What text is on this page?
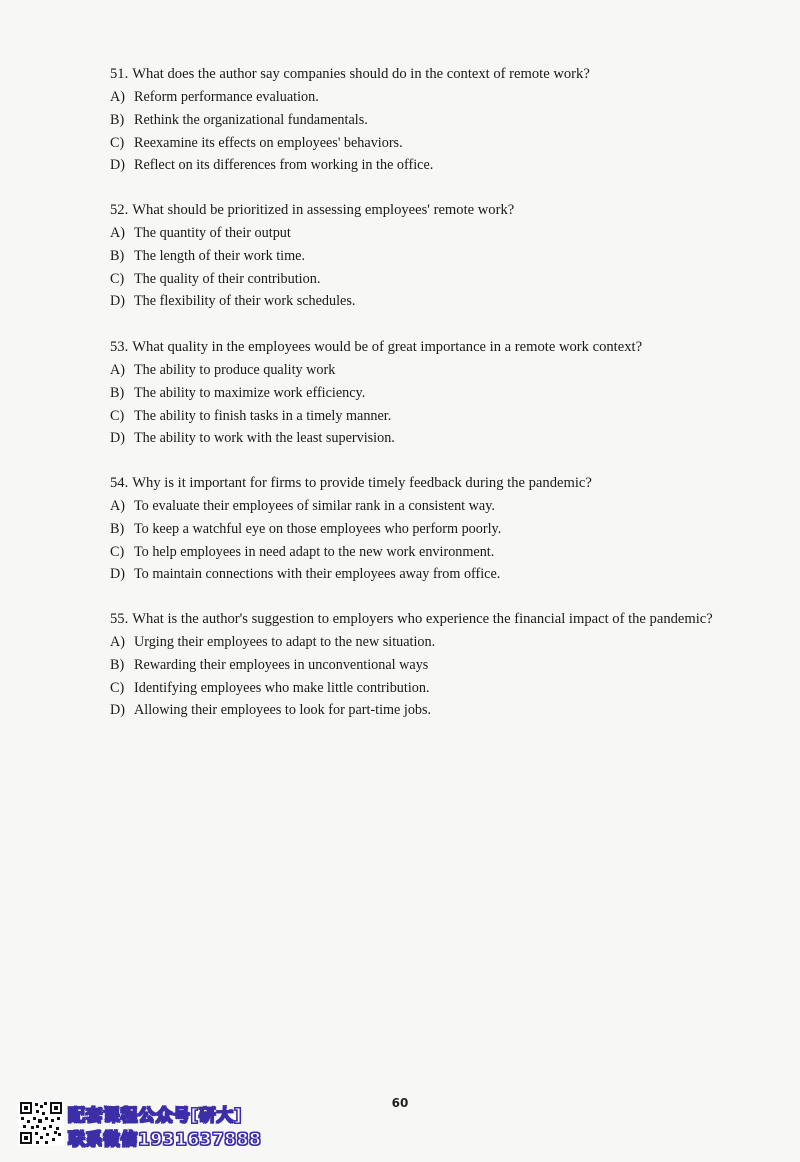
51. What does the author say companies should do in the context of remote work?

A) Reform performance evaluation.
B) Rethink the organizational fundamentals.
C) Reexamine its effects on employees' behaviors.
D) Reflect on its differences from working in the office.

52. What should be prioritized in assessing employees' remote work?

A) The quantity of their output
B) The length of their work time.
C) The quality of their contribution.
D) The flexibility of their work schedules.

53. What quality in the employees would be of great importance in a remote work context?

A) The ability to produce quality work
B) The ability to maximize work efficiency.
C) The ability to finish tasks in a timely manner.
D) The ability to work with the least supervision.

54. Why is it important for firms to provide timely feedback during the pandemic?

A) To evaluate their employees of similar rank in a consistent way.
B) To keep a watchful eye on those employees who perform poorly.
C) To help employees in need adapt to the new work environment.
D) To maintain connections with their employees away from office.

55. What is the author's suggestion to employers who experience the financial impact of the pandemic?

A) Urging their employees to adapt to the new situation.
B) Rewarding their employees in unconventional ways
C) Identifying employees who make little contribution.
D) Allowing their employees to look for part-time jobs.
60
配套课程公众号[研大]
联系微信1931637888
